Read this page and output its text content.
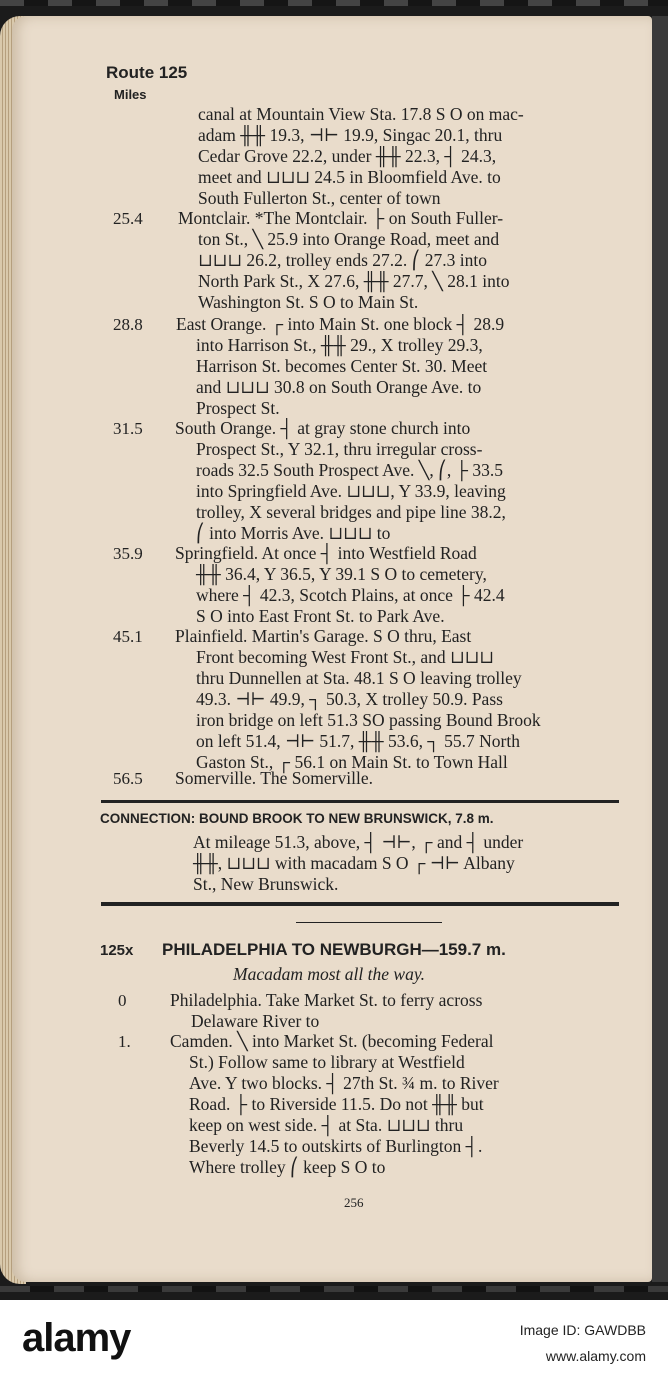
Route 125
Miles
canal at Mountain View Sta. 17.8 S O on mac-
adam ╫╫ 19.3, ⊣⊢ 19.9, Singac 20.1, thru
Cedar Grove 22.2, under ╫╫ 22.3, ┤ 24.3,
meet and ⊔⊔⊔ 24.5 in Bloomfield Ave. to
South Fullerton St., center of town
25.4	Montclair. *The Montclair. ├ on South Fuller-
ton St., ╲ 25.9 into Orange Road, meet and
⊔⊔⊔ 26.2, trolley ends 27.2. ⎛ 27.3 into
North Park St., X 27.6, ╫╫ 27.7, ╲ 28.1 into
Washington St. S O to Main St.
28.8	East Orange. ┌ into Main St. one block ┤ 28.9
into Harrison St., ╫╫ 29., X trolley 29.3,
Harrison St. becomes Center St. 30. Meet
and ⊔⊔⊔ 30.8 on South Orange Ave. to
Prospect St.
31.5	South Orange. ┤ at gray stone church into
Prospect St., Y 32.1, thru irregular cross-
roads 32.5 South Prospect Ave. ╲, ⎛, ├ 33.5
into Springfield Ave. ⊔⊔⊔, Y 33.9, leaving
trolley, X several bridges and pipe line 38.2,
⎛ into Morris Ave. ⊔⊔⊔ to
35.9	Springfield. At once ┤ into Westfield Road
╫╫ 36.4, Y 36.5, Y 39.1 S O to cemetery,
where ┤ 42.3, Scotch Plains, at once ├ 42.4
S O into East Front St. to Park Ave.
45.1	Plainfield. Martin's Garage. S O thru, East
Front becoming West Front St., and ⊔⊔⊔
thru Dunnellen at Sta. 48.1 S O leaving trolley
49.3. ⊣⊢ 49.9, ┐ 50.3, X trolley 50.9. Pass
iron bridge on left 51.3 SO passing Bound Brook
on left 51.4, ⊣⊢ 51.7, ╫╫ 53.6, ┐ 55.7 North
Gaston St., ┌ 56.1 on Main St. to Town Hall
56.5	Somerville. The Somerville.
CONNECTION: BOUND BROOK TO NEW BRUNSWICK, 7.8 m.
At mileage 51.3, above, ┤ ⊣⊢, ┌ and ┤ under
╫╫, ⊔⊔⊔ with macadam S O ┌ ⊣⊢ Albany
St., New Brunswick.
125x PHILADELPHIA TO NEWBURGH—159.7 m.
Macadam most all the way.
0	Philadelphia. Take Market St. to ferry across
Delaware River to
1.	Camden. ╲ into Market St. (becoming Federal
St.) Follow same to library at Westfield
Ave. Y two blocks. ┤ 27th St. ¾ m. to River
Road. ├ to Riverside 11.5. Do not ╫╫ but
keep on west side. ┤ at Sta. ⊔⊔⊔ thru
Beverly 14.5 to outskirts of Burlington ┤.
Where trolley ⎛ keep S O to
256
alamy	Image ID: GAWDBB
www.alamy.com
